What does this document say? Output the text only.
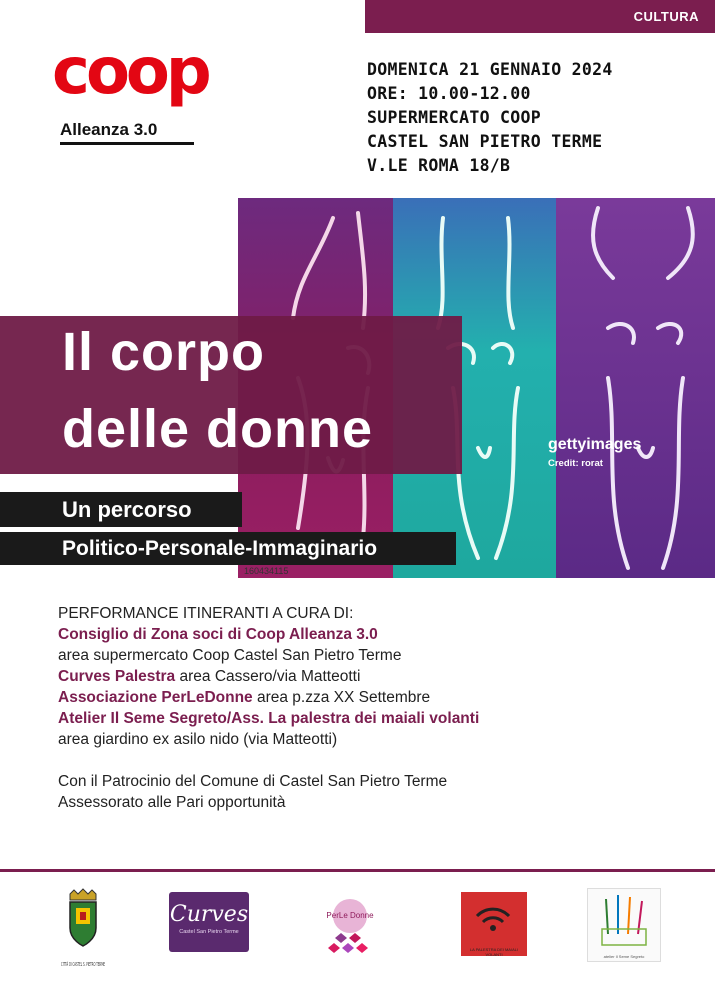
CULTURA
coop
Alleanza 3.0
DOMENICA 21 GENNAIO 2024
ORE: 10.00-12.00
SUPERMERCATO COOP
CASTEL SAN PIETRO TERME
V.LE ROMA 18/B
gettyimages
Credit: rorat
160434115
Il corpo
delle donne
Un percorso
Politico-Personale-Immaginario
PERFORMANCE ITINERANTI A CURA DI:
Consiglio di Zona soci di Coop Alleanza 3.0
area supermercato Coop Castel San Pietro Terme
Curves Palestra area Cassero/via Matteotti
Associazione PerLeDonne area p.zza XX Settembre
Atelier Il Seme Segreto/Ass. La palestra dei maiali volanti
area giardino ex asilo nido (via Matteotti)
Con il Patrocinio del Comune di Castel San Pietro Terme
Assessorato alle Pari opportunità
CITTÀ DI CASTEL S. PIETRO TERME
Curves
Castel San Pietro Terme
PerLe Donne
LA PALESTRA DEI MAIALI VOLANTI	atelier Il Seme Segreto
